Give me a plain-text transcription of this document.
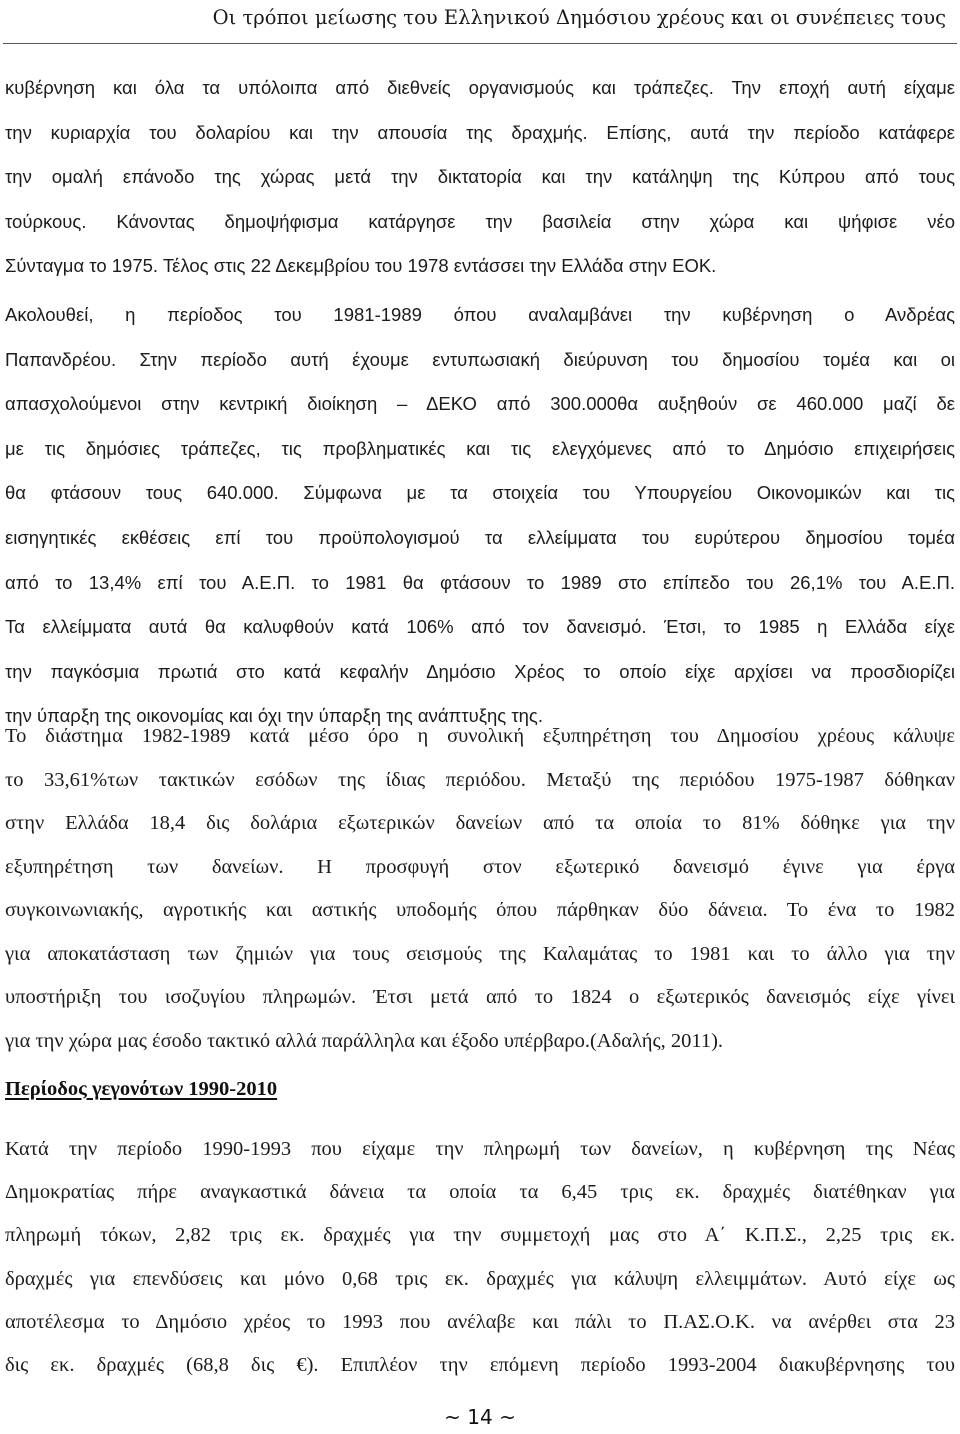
Οι τρόποι μείωσης του Ελληνικού Δημόσιου χρέους και οι συνέπειες τους
κυβέρνηση και όλα τα υπόλοιπα από διεθνείς οργανισμούς και τράπεζες. Την εποχή αυτή είχαμε
την κυριαρχία του δολαρίου και την απουσία της δραχμής. Επίσης, αυτά την περίοδο κατάφερε
την ομαλή επάνοδο της χώρας μετά την δικτατορία και την κατάληψη της Κύπρου από τους
τούρκους. Κάνοντας δημοψήφισμα κατάργησε την βασιλεία στην χώρα και ψήφισε νέο
Σύνταγμα το 1975. Τέλος στις 22 Δεκεμβρίου του 1978 εντάσσει την Ελλάδα στην ΕΟΚ.
Ακολουθεί, η περίοδος του 1981-1989 όπου αναλαμβάνει την κυβέρνηση ο Ανδρέας
Παπανδρέου. Στην περίοδο αυτή έχουμε εντυπωσιακή διεύρυνση του δημοσίου τομέα και οι
απασχολούμενοι στην κεντρική διοίκηση – ΔΕΚΟ από 300.000θα αυξηθούν σε 460.000 μαζί δε
με τις δημόσιες τράπεζες, τις προβληματικές και τις ελεγχόμενες από το Δημόσιο επιχειρήσεις
θα φτάσουν τους 640.000. Σύμφωνα με τα στοιχεία του Υπουργείου Οικονομικών και τις
εισηγητικές εκθέσεις επί του προϋπολογισμού τα ελλείμματα του ευρύτερου δημοσίου τομέα
από το 13,4% επί του Α.Ε.Π. το 1981 θα φτάσουν το 1989 στο επίπεδο του 26,1% του Α.Ε.Π.
Τα ελλείμματα αυτά θα καλυφθούν κατά 106% από τον δανεισμό. Έτσι, το 1985 η Ελλάδα είχε
την παγκόσμια πρωτιά στο κατά κεφαλήν Δημόσιο Χρέος το οποίο είχε αρχίσει να προσδιορίζει
την ύπαρξη της οικονομίας και όχι την ύπαρξη της ανάπτυξης της.
Το διάστημα 1982-1989 κατά μέσο όρο η συνολική εξυπηρέτηση του Δημοσίου χρέους κάλυψε
το 33,61%των τακτικών εσόδων της ίδιας περιόδου. Μεταξύ της περιόδου 1975-1987 δόθηκαν
στην Ελλάδα 18,4 δις δολάρια εξωτερικών δανείων από τα οποία το 81% δόθηκε για την
εξυπηρέτηση των δανείων. Η προσφυγή στον εξωτερικό δανεισμό έγινε για έργα
συγκοινωνιακής, αγροτικής και αστικής υποδομής όπου πάρθηκαν δύο δάνεια. Το ένα το 1982
για αποκατάσταση των ζημιών για τους σεισμούς της Καλαμάτας το 1981 και το άλλο για την
υποστήριξη του ισοζυγίου πληρωμών. Έτσι μετά από το 1824 ο εξωτερικός δανεισμός είχε γίνει
για την χώρα μας έσοδο τακτικό αλλά παράλληλα και έξοδο υπέρβαρο.(Αδαλής, 2011).
Περίοδος γεγονότων 1990-2010
Κατά την περίοδο 1990-1993 που είχαμε την πληρωμή των δανείων, η κυβέρνηση της Νέας
Δημοκρατίας πήρε αναγκαστικά δάνεια τα οποία τα 6,45 τρις εκ. δραχμές διατέθηκαν για
πληρωμή τόκων, 2,82 τρις εκ. δραχμές για την συμμετοχή μας στο Α΄ Κ.Π.Σ., 2,25 τρις εκ.
δραχμές για επενδύσεις και μόνο 0,68 τρις εκ. δραχμές για κάλυψη ελλειμμάτων. Αυτό είχε ως
αποτέλεσμα το Δημόσιο χρέος το 1993 που ανέλαβε και πάλι το Π.ΑΣ.Ο.Κ. να ανέρθει στα 23
δις εκ. δραχμές (68,8 δις €). Επιπλέον την επόμενη περίοδο 1993-2004 διακυβέρνησης του
~ 14 ~
